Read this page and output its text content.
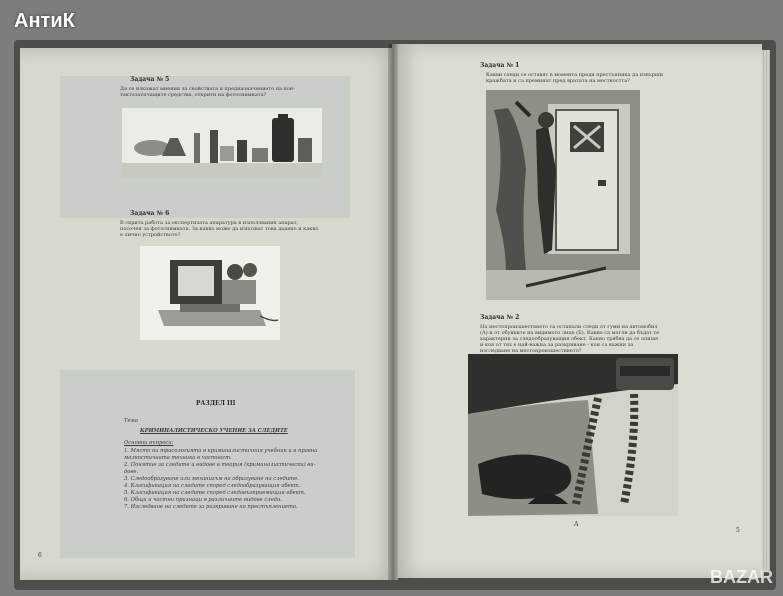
Задача № 5
Да се изкажат мнения за свойствата и предназначението на кон-
тактозатичащите средства, открити на фотоснимката?
Задача № 6
В скрита работа за експертизата апаратура в използвания апарат,
посочен за фотоснимката. За какво може да изпозват това дадено и какво
е лично устройството?
РАЗДЕЛ III
Тема
КРИМИНАЛИСТИЧЕСКО УЧЕНИЕ ЗА СЛЕДИТЕ
Основни въпроси:
1. Място на трасологията в криминалистичния учебник и в правна
малкостичната техника в частност.
2. Понятие за следите и видове в теория (криминалистически) ви-
дове.
3. Следообразуване или механизъм на образуване на следите.
4. Класификация на следите според следообразуващия обект.
5. Класификация на следите според следовъзприемащия обект.
6. Общи и частни признаци в различните видове следи.
7. Изследване на следите за разкриване на престъплението.
6
Задача № 1
Какви следи се оставят в момента преди престъпника да извърши
кражбата и са преминат пред вратата на местността?
Задача № 2
На местопроизшествието са останали следи от гуми на автомобил
(А) и от обувките на видимото лице (Б). Какво са могли да бъдат те
характерни за следообразуващия обект. Какво трябва да се опише
и коя от тях е най-важна за разкриване - кои са важни за
изследване на местопроизшествието?
А
5
АнтиК
BAZAR
